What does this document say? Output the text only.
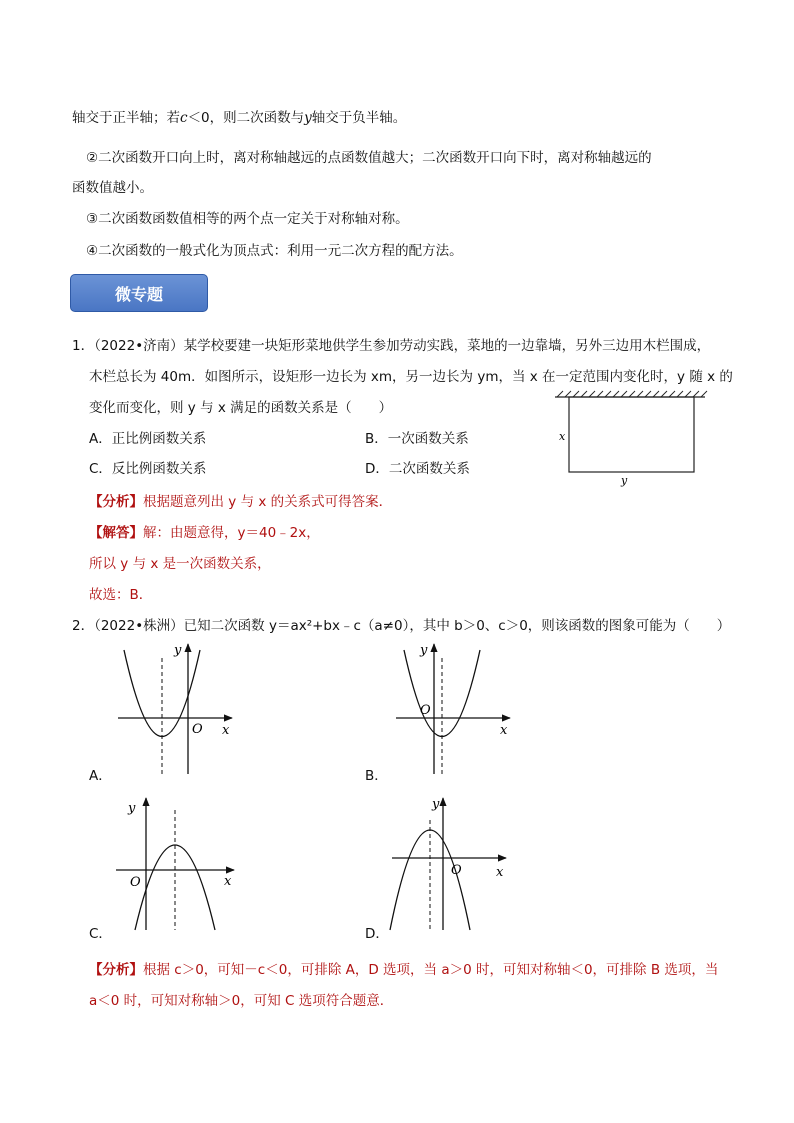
轴交于正半轴；若c＜0，则二次函数与y轴交于负半轴。
②二次函数开口向上时，离对称轴越远的点函数值越大；二次函数开口向下时，离对称轴越远的
函数值越小。
③二次函数函数值相等的两个点一定关于对称轴对称。
④二次函数的一般式化为顶点式：利用一元二次方程的配方法。
微专题
1．（2022•济南）某学校要建一块矩形菜地供学生参加劳动实践，菜地的一边靠墙，另外三边用木栏围成，
木栏总长为 40m．如图所示，设矩形一边长为 xm，另一边长为 ym，当 x 在一定范围内变化时，y 随 x 的
变化而变化，则 y 与 x 满足的函数关系是（　　）
A．正比例函数关系	B．一次函数关系
C．反比例函数关系	D．二次函数关系
x
y
【分析】根据题意列出 y 与 x 的关系式可得答案．
【解答】解：由题意得，y＝40﹣2x，
所以 y 与 x 是一次函数关系，
故选：B．
2．（2022•株洲）已知二次函数 y＝ax²+bx﹣c（a≠0），其中 b＞0、c＞0，则该函数的图象可能为（　　）
y
x
O
A．
y
x
O
B．
y
x
O
C．
y
x
O
D．
【分析】根据 c＞0，可知－c＜0，可排除 A，D 选项，当 a＞0 时，可知对称轴＜0，可排除 B 选项，当
a＜0 时，可知对称轴＞0，可知 C 选项符合题意．
